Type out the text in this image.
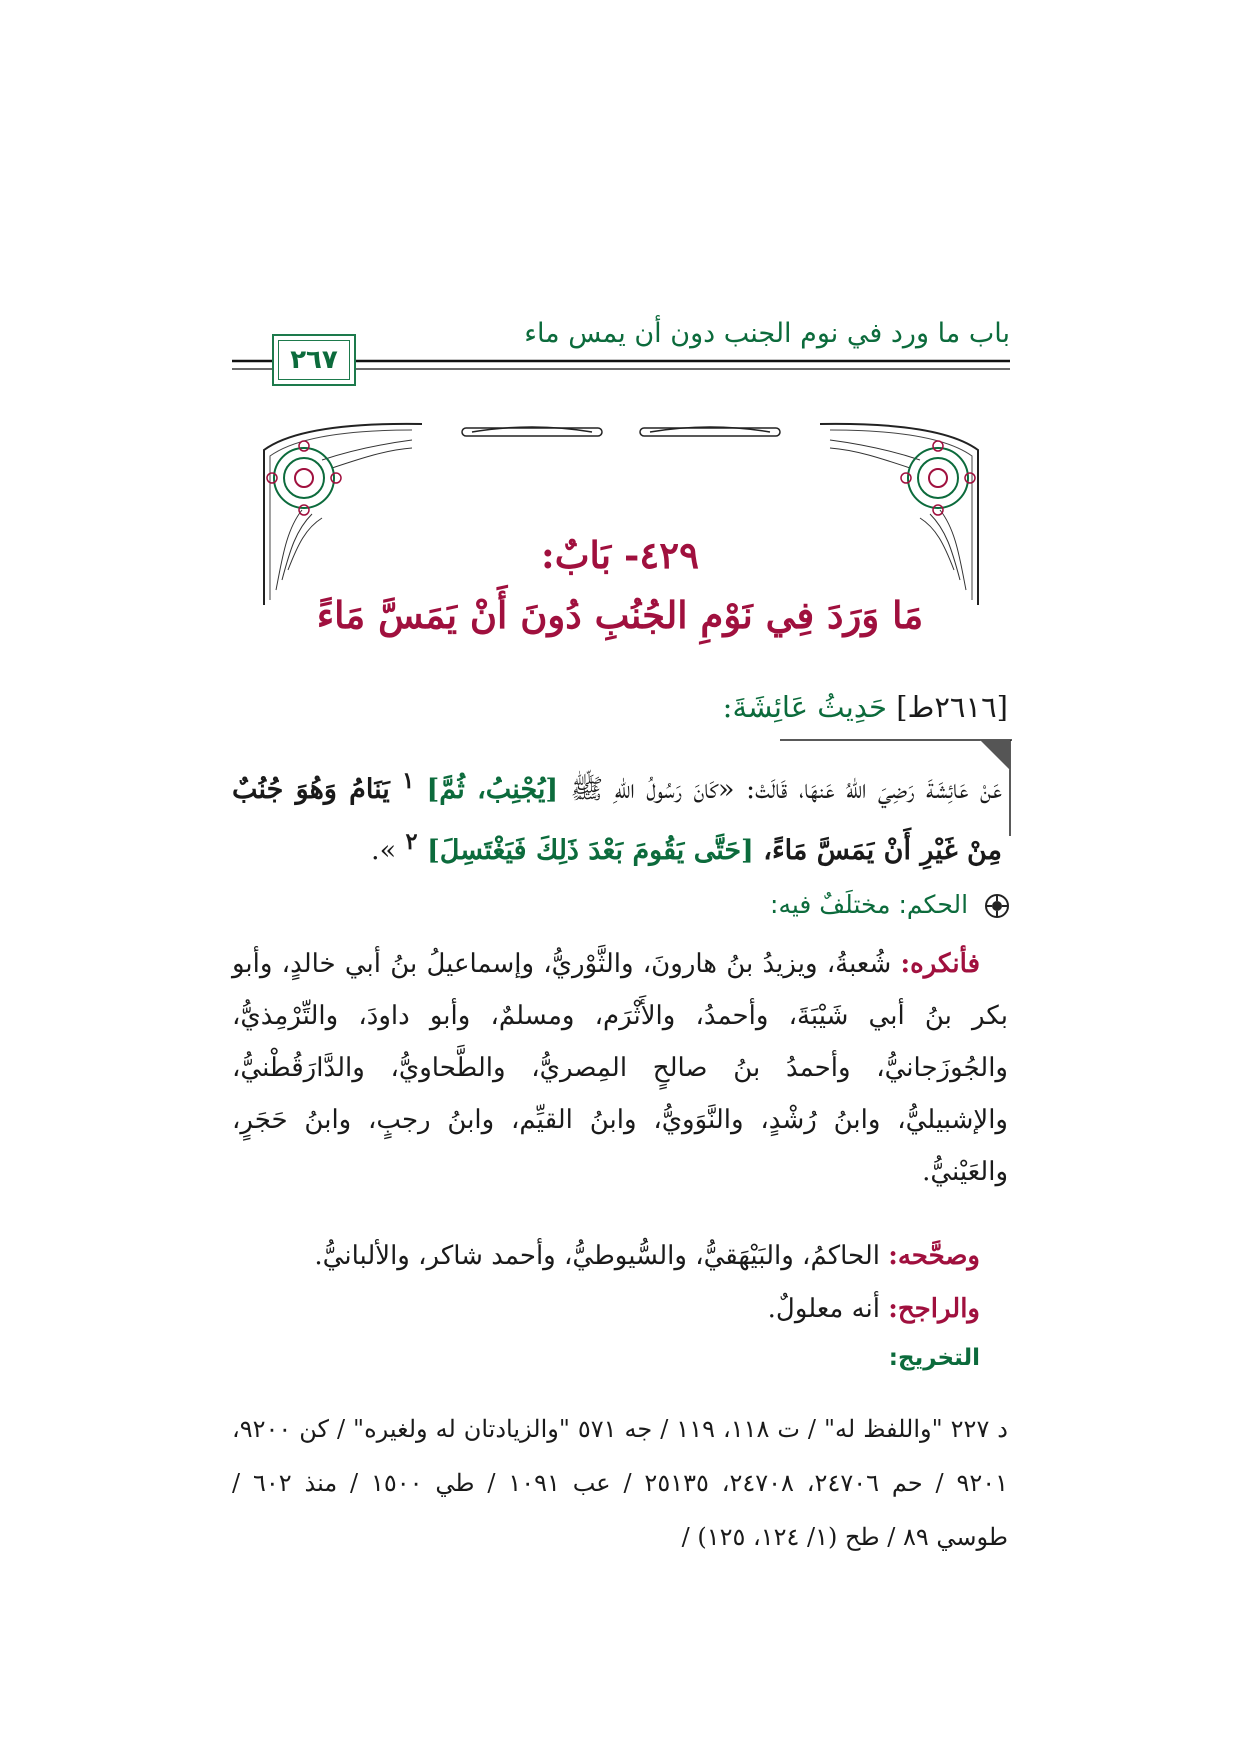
باب ما ورد في نوم الجنب دون أن يمس ماء
٢٦٧
٤٢٩- بَابٌ:
مَا وَرَدَ فِي نَوْمِ الجُنُبِ دُونَ أَنْ يَمَسَّ مَاءً
[٢٦١٦ط] حَدِيثُ عَائِشَةَ:
عَنْ عَائِشَةَ رَضِيَ اللهُ عَنهَا، قَالَتْ: «كَانَ رَسُولُ اللهِ ﷺ [يُجْنِبُ، ثُمَّ] $^١$ يَنَامُ وَهُوَ جُنُبٌ مِنْ غَيْرِ أَنْ يَمَسَّ مَاءً، [حَتَّى يَقُومَ بَعْدَ ذَلِكَ فَيَغْتَسِلَ] $^٢$ ».
الحكم: مختلَفٌ فيه:
فأنكره: شُعبةُ، ويزيدُ بنُ هارونَ، والثَّوْريُّ، وإسماعيلُ بنُ أبي خالدٍ، وأبو بكر بنُ أبي شَيْبَةَ، وأحمدُ، والأَثْرَم، ومسلمٌ، وأبو داودَ، والتِّرْمِذيُّ، والجُوزَجانيُّ، وأحمدُ بنُ صالحٍ المِصريُّ، والطَّحاويُّ، والدَّارَقُطْنيُّ، والإشبيليُّ، وابنُ رُشْدٍ، والنَّوَويُّ، وابنُ القيِّم، وابنُ رجبٍ، وابنُ حَجَرٍ، والعَيْنيُّ.
وصحَّحه: الحاكمُ، والبَيْهَقيُّ، والسُّيوطيُّ، وأحمد شاكر، والألبانيُّ.
والراجح: أنه معلولٌ.
التخريج:
د ٢٢٧ "واللفظ له" / ت ١١٨، ١١٩ / جه ٥٧١ "والزيادتان له ولغيره" / كن ٩٢٠٠، ٩٢٠١ / حم ٢٤٧٠٦، ٢٤٧٠٨، ٢٥١٣٥ / عب ١٠٩١ / طي ١٥٠٠ / منذ ٦٠٢ / طوسي ٨٩ / طح (١/ ١٢٤، ١٢٥) /
